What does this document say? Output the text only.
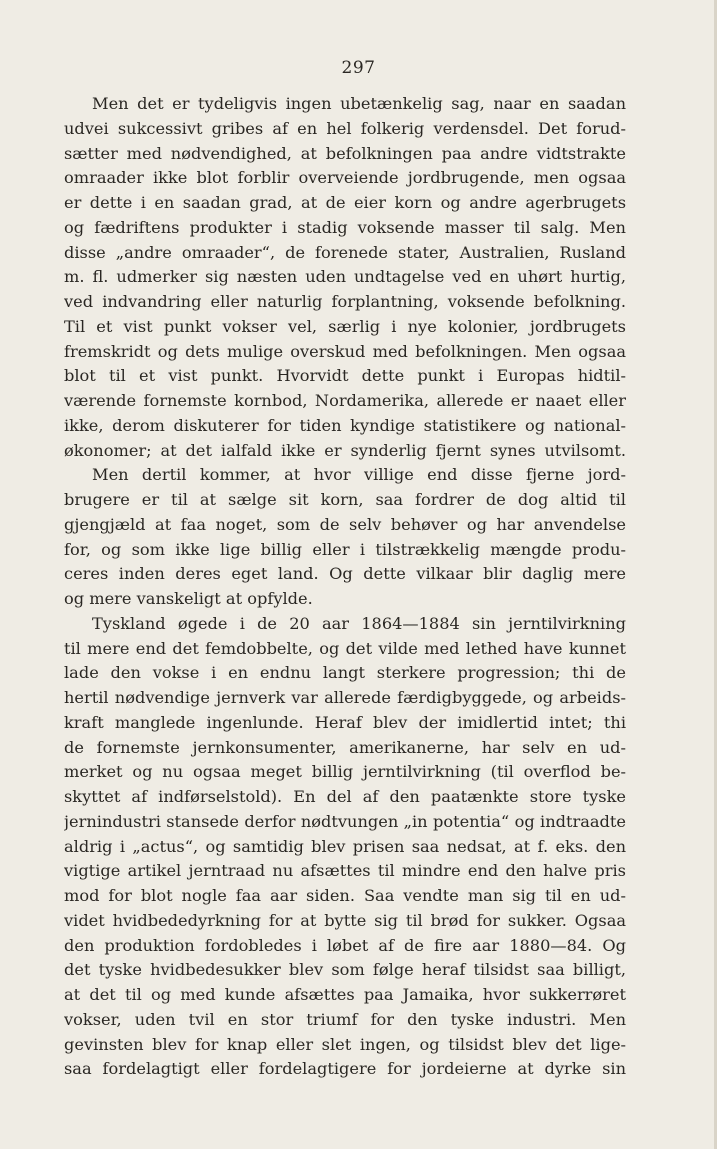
297
Men det er tydeligvis ingen ubetænkelig sag, naar en saadan
udvei sukcessivt gribes af en hel folkerig verdensdel. Det forud-
sætter med nødvendighed, at befolkningen paa andre vidtstrakte
omraader ikke blot forblir overveiende jordbrugende, men ogsaa
er dette i en saadan grad, at de eier korn og andre agerbrugets
og fædriftens produkter i stadig voksende masser til salg. Men
disse „andre omraader“, de forenede stater, Australien, Rusland
m. fl. udmerker sig næsten uden undtagelse ved en uhørt hurtig,
ved indvandring eller naturlig forplantning, voksende befolkning.
Til et vist punkt vokser vel, særlig i nye kolonier, jordbrugets
fremskridt og dets mulige overskud med befolkningen. Men ogsaa
blot til et vist punkt. Hvorvidt dette punkt i Europas hidtil-
værende fornemste kornbod, Nordamerika, allerede er naaet eller
ikke, derom diskuterer for tiden kyndige statistikere og national-
økonomer; at det ialfald ikke er synderlig fjernt synes utvilsomt.
Men dertil kommer, at hvor villige end disse fjerne jord-
brugere er til at sælge sit korn, saa fordrer de dog altid til
gjengjæld at faa noget, som de selv behøver og har anvendelse
for, og som ikke lige billig eller i tilstrækkelig mængde produ-
ceres inden deres eget land. Og dette vilkaar blir daglig mere
og mere vanskeligt at opfylde.
Tyskland øgede i de 20 aar 1864—1884 sin jerntilvirkning
til mere end det femdobbelte, og det vilde med lethed have kunnet
lade den vokse i en endnu langt sterkere progression; thi de
hertil nødvendige jernverk var allerede færdigbyggede, og arbeids-
kraft manglede ingenlunde. Heraf blev der imidlertid intet; thi
de fornemste jernkonsumenter, amerikanerne, har selv en ud-
merket og nu ogsaa meget billig jerntilvirkning (til overflod be-
skyttet af indførselstold). En del af den paatænkte store tyske
jernindustri stansede derfor nødtvungen „in potentia“ og indtraadte
aldrig i „actus“, og samtidig blev prisen saa nedsat, at f. eks. den
vigtige artikel jerntraad nu afsættes til mindre end den halve pris
mod for blot nogle faa aar siden. Saa vendte man sig til en ud-
videt hvidbededyrkning for at bytte sig til brød for sukker. Ogsaa
den produktion fordobledes i løbet af de fire aar 1880—84. Og
det tyske hvidbedesukker blev som følge heraf tilsidst saa billigt,
at det til og med kunde afsættes paa Jamaika, hvor sukkerrøret
vokser, uden tvil en stor triumf for den tyske industri. Men
gevinsten blev for knap eller slet ingen, og tilsidst blev det lige-
saa fordelagtigt eller fordelagtigere for jordeierne at dyrke sin
